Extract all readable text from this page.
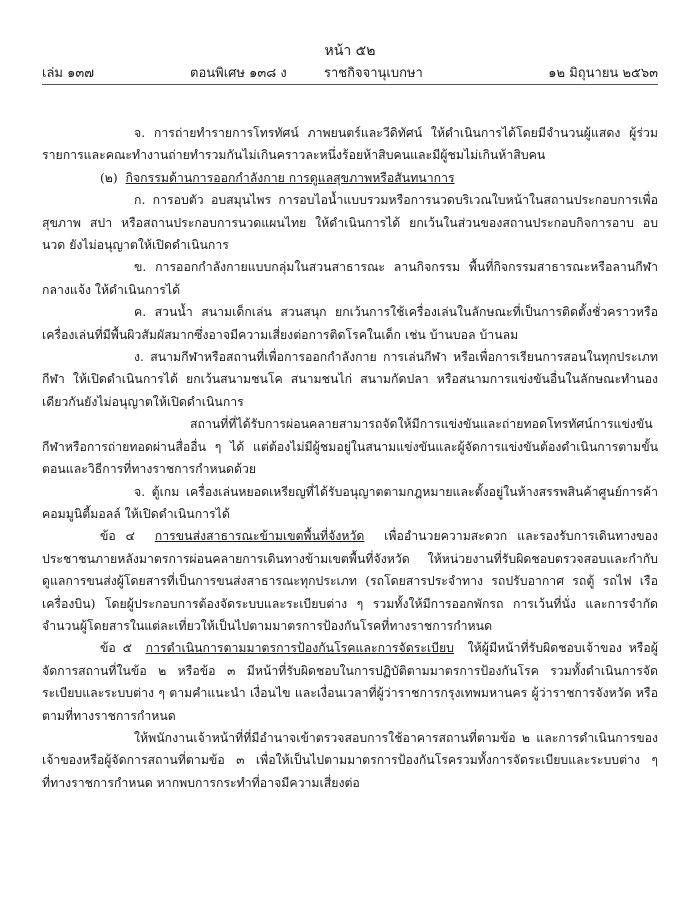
หน้า ๕๒
เล่ม ๑๓๗	ตอนพิเศษ ๑๓๘ ง	ราชกิจจานุเบกษา	๑๒ มิถุนายน ๒๕๖๓

จ. การถ่ายทำรายการโทรทัศน์ ภาพยนตร์และวีดิทัศน์ ให้ดำเนินการได้โดยมีจำนวนผู้แสดง ผู้ร่วมรายการและคณะทำงานถ่ายทำรวมกันไม่เกินคราวละหนึ่งร้อยห้าสิบคนและมีผู้ชมไม่เกินห้าสิบคน

(๒) กิจกรรมด้านการออกกำลังกาย การดูแลสุขภาพหรือสันทนาการ

ก. การอบตัว อบสมุนไพร การอบไอน้ำแบบรวมหรือการนวดบริเวณใบหน้าในสถานประกอบการเพื่อสุขภาพ สปา หรือสถานประกอบการนวดแผนไทย ให้ดำเนินการได้ ยกเว้นในส่วนของสถานประกอบกิจการอาบ อบ นวด ยังไม่อนุญาตให้เปิดดำเนินการ

ข. การออกกำลังกายแบบกลุ่มในสวนสาธารณะ ลานกิจกรรม พื้นที่กิจกรรมสาธารณะหรือลานกีฬากลางแจ้ง ให้ดำเนินการได้

ค. สวนน้ำ สนามเด็กเล่น สวนสนุก ยกเว้นการใช้เครื่องเล่นในลักษณะที่เป็นการติดตั้งชั่วคราวหรือเครื่องเล่นที่มีพื้นผิวสัมผัสมากซึ่งอาจมีความเสี่ยงต่อการติดโรคในเด็ก เช่น บ้านบอล บ้านลม

ง. สนามกีฬาหรือสถานที่เพื่อการออกกำลังกาย การเล่นกีฬา หรือเพื่อการเรียนการสอนในทุกประเภทกีฬา ให้เปิดดำเนินการได้ ยกเว้นสนามชนโค สนามชนไก่ สนามกัดปลา หรือสนามการแข่งขันอื่นในลักษณะทำนองเดียวกันยังไม่อนุญาตให้เปิดดำเนินการ

สถานที่ที่ได้รับการผ่อนคลายสามารถจัดให้มีการแข่งขันและถ่ายทอดโทรทัศน์การแข่งขันกีฬาหรือการถ่ายทอดผ่านสื่ออื่น ๆ ได้ แต่ต้องไม่มีผู้ชมอยู่ในสนามแข่งขันและผู้จัดการแข่งขันต้องดำเนินการตามขั้นตอนและวิธีการที่ทางราชการกำหนดด้วย

จ. ตู้เกม เครื่องเล่นหยอดเหรียญที่ได้รับอนุญาตตามกฎหมายและตั้งอยู่ในห้างสรรพสินค้าศูนย์การค้า คอมมูนิตี้มอลล์ ให้เปิดดำเนินการได้

ข้อ ๔ การขนส่งสาธารณะข้ามเขตพื้นที่จังหวัด เพื่ออำนวยความสะดวก และรองรับการเดินทางของประชาชนภายหลังมาตรการผ่อนคลายการเดินทางข้ามเขตพื้นที่จังหวัด ให้หน่วยงานที่รับผิดชอบตรวจสอบและกำกับดูแลการขนส่งผู้โดยสารที่เป็นการขนส่งสาธารณะทุกประเภท (รถโดยสารประจำทาง รถปรับอากาศ รถตู้ รถไฟ เรือ เครื่องบิน) โดยผู้ประกอบการต้องจัดระบบและระเบียบต่าง ๆ รวมทั้งให้มีการออกพักรถ การเว้นที่นั่ง และการจำกัดจำนวนผู้โดยสารในแต่ละเที่ยวให้เป็นไปตามมาตรการป้องกันโรคที่ทางราชการกำหนด

ข้อ ๕ การดำเนินการตามมาตรการป้องกันโรคและการจัดระเบียบ ให้ผู้มีหน้าที่รับผิดชอบเจ้าของ หรือผู้จัดการสถานที่ในข้อ ๒ หรือข้อ ๓ มีหน้าที่รับผิดชอบในการปฏิบัติตามมาตรการป้องกันโรค รวมทั้งดำเนินการจัดระเบียบและระบบต่าง ๆ ตามคำแนะนำ เงื่อนไข และเงื่อนเวลาที่ผู้ว่าราชการกรุงเทพมหานคร ผู้ว่าราชการจังหวัด หรือตามที่ทางราชการกำหนด

ให้พนักงานเจ้าหน้าที่ที่มีอำนาจเข้าตรวจสอบการใช้อาคารสถานที่ตามข้อ ๒ และการดำเนินการของเจ้าของหรือผู้จัดการสถานที่ตามข้อ ๓ เพื่อให้เป็นไปตามมาตรการป้องกันโรครวมทั้งการจัดระเบียบและระบบต่าง ๆ ที่ทางราชการกำหนด หากพบการกระทำที่อาจมีความเสี่ยงต่อ
